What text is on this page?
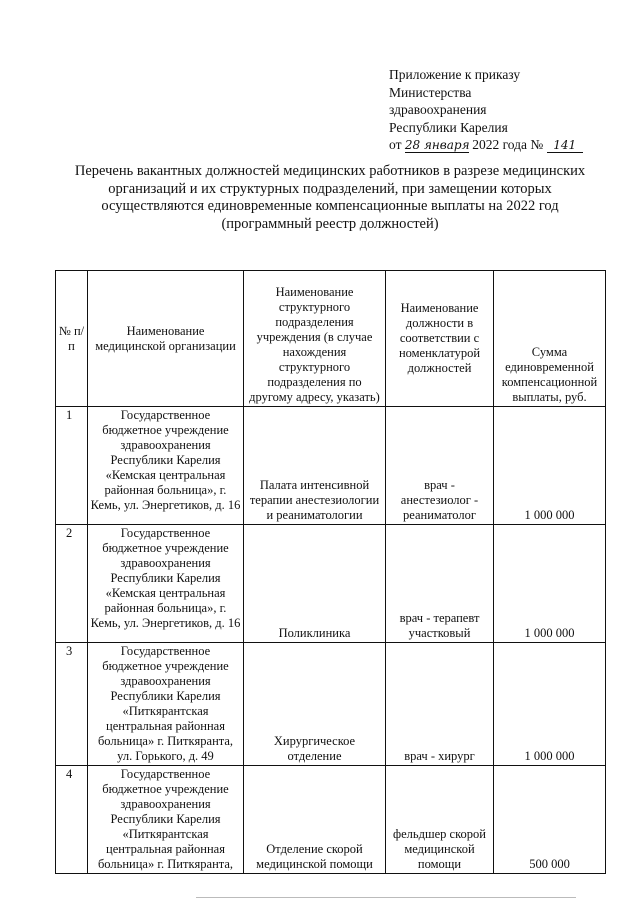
Приложение к приказу
Министерства
здравоохранения
Республики Карелия
от 28 января 2022 года № 141
Перечень вакантных должностей медицинских работников в разрезе медицинских
организаций и их структурных подразделений, при замещении которых
осуществляются единовременные компенсационные выплаты на 2022 год
(программный реестр должностей)
№ п/п	Наименование медицинской организации	Наименование структурного подразделения учреждения (в случае нахождения структурного подразделения по другому адресу, указать)	Наименование должности в соответствии с номенклатурой должностей	Сумма единовременной компенсационной выплаты, руб.
1	Государственное бюджетное учреждение здравоохранения Республики Карелия «Кемская центральная районная больница», г. Кемь, ул. Энергетиков, д. 16	Палата интенсивной терапии анестезиологии и реаниматологии	врач - анестезиолог - реаниматолог	1 000 000
2	Государственное бюджетное учреждение здравоохранения Республики Карелия «Кемская центральная районная больница», г. Кемь, ул. Энергетиков, д. 16	Поликлиника	врач - терапевт участковый	1 000 000
3	Государственное бюджетное учреждение здравоохранения Республики Карелия «Питкярантская центральная районная больница» г. Питкяранта, ул. Горького, д. 49	Хирургическое отделение	врач - хирург	1 000 000
4	Государственное бюджетное учреждение здравоохранения Республики Карелия «Питкярантская центральная районная больница» г. Питкяранта,	Отделение скорой медицинской помощи	фельдшер скорой медицинской помощи	500 000
